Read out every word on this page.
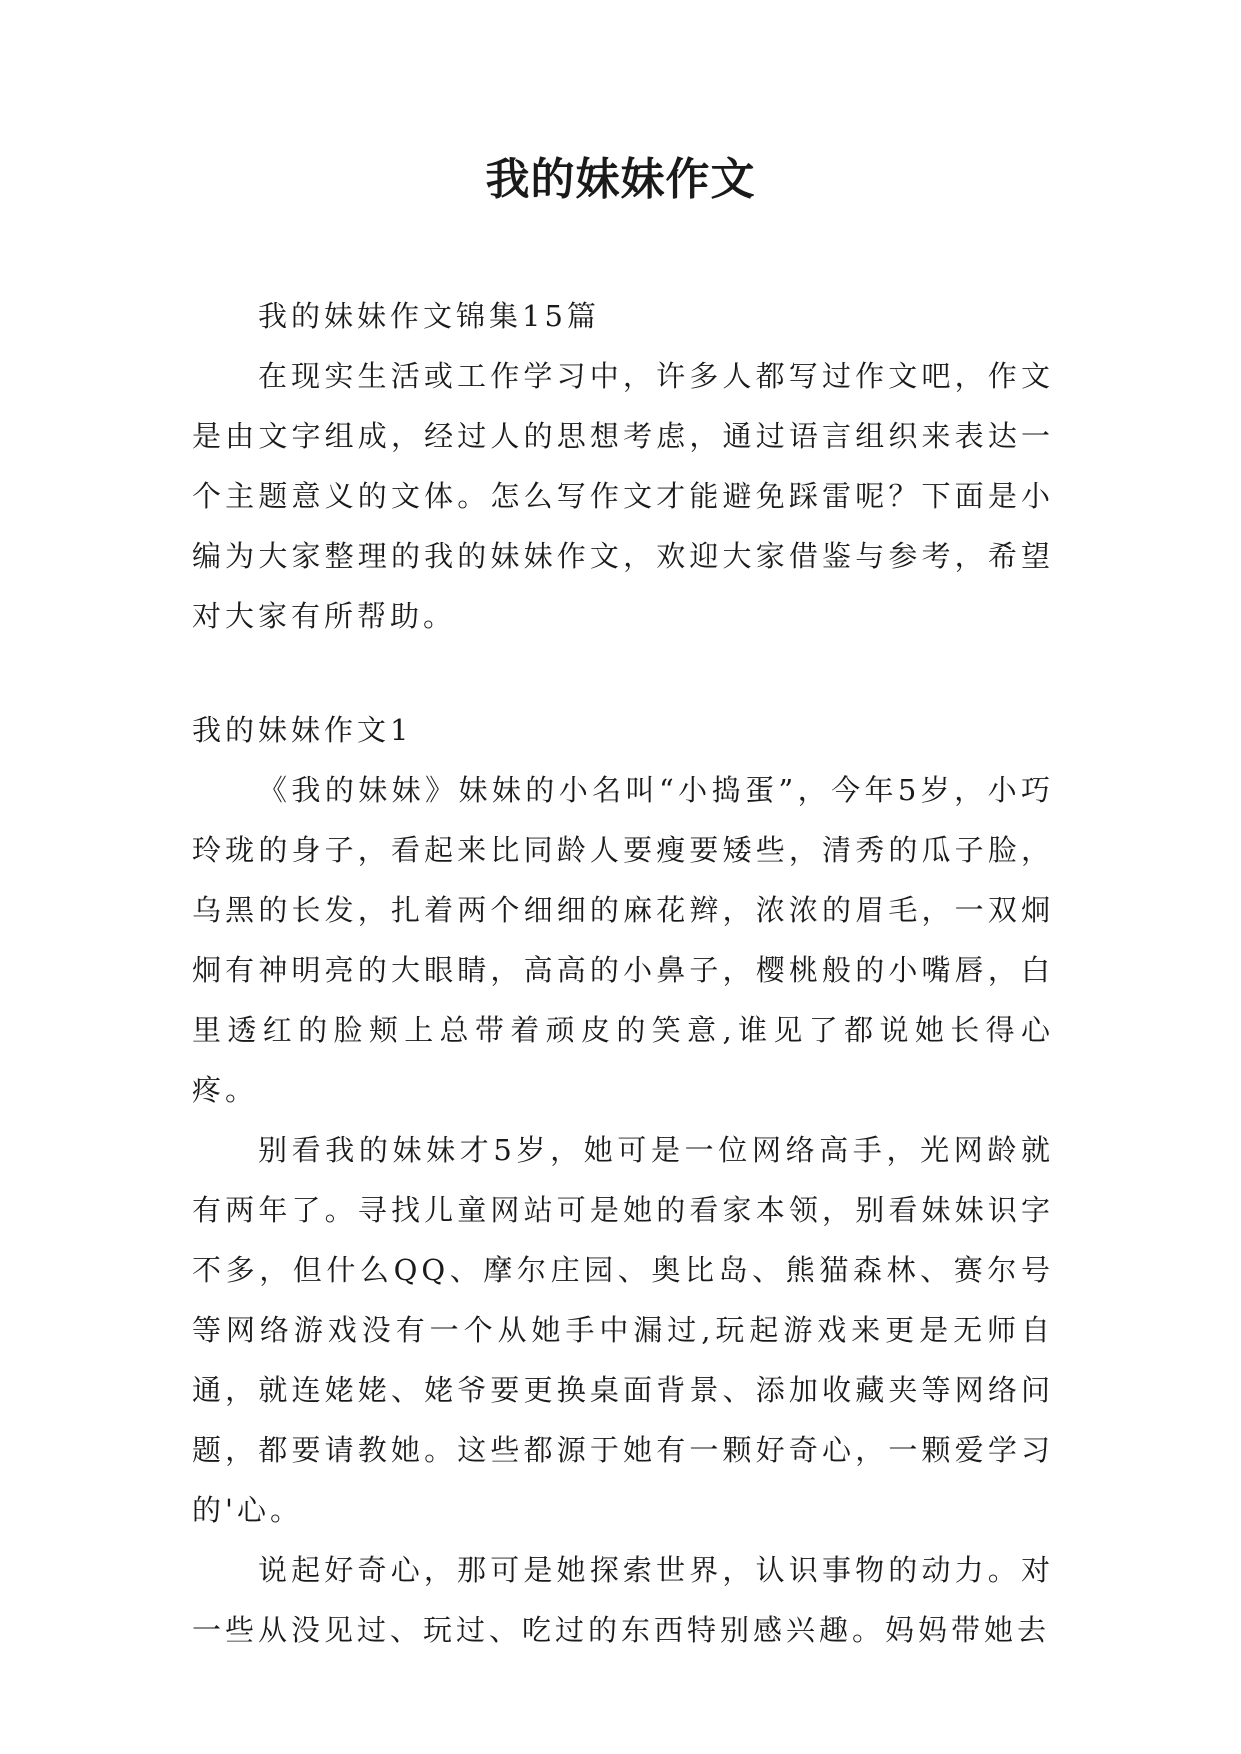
我的妹妹作文

我的妹妹作文锦集15篇

在现实生活或工作学习中，许多人都写过作文吧，作文是由文字组成，经过人的思想考虑，通过语言组织来表达一个主题意义的文体。怎么写作文才能避免踩雷呢？下面是小编为大家整理的我的妹妹作文，欢迎大家借鉴与参考，希望对大家有所帮助。

我的妹妹作文1

《我的妹妹》妹妹的小名叫“小捣蛋”，今年5岁，小巧玲珑的身子，看起来比同龄人要瘦要矮些，清秀的瓜子脸，乌黑的长发，扎着两个细细的麻花辫，浓浓的眉毛，一双炯炯有神明亮的大眼睛，高高的小鼻子，樱桃般的小嘴唇，白里透红的脸颊上总带着顽皮的笑意,谁见了都说她长得心疼。

别看我的妹妹才5岁，她可是一位网络高手，光网龄就有两年了。寻找儿童网站可是她的看家本领，别看妹妹识字不多，但什么QQ、摩尔庄园、奥比岛、熊猫森林、赛尔号等网络游戏没有一个从她手中漏过,玩起游戏来更是无师自通，就连姥姥、姥爷要更换桌面背景、添加收藏夹等网络问题，都要请教她。这些都源于她有一颗好奇心，一颗爱学习的'心。

说起好奇心，那可是她探索世界，认识事物的动力。对一些从没见过、玩过、吃过的东西特别感兴趣。妈妈带她去
